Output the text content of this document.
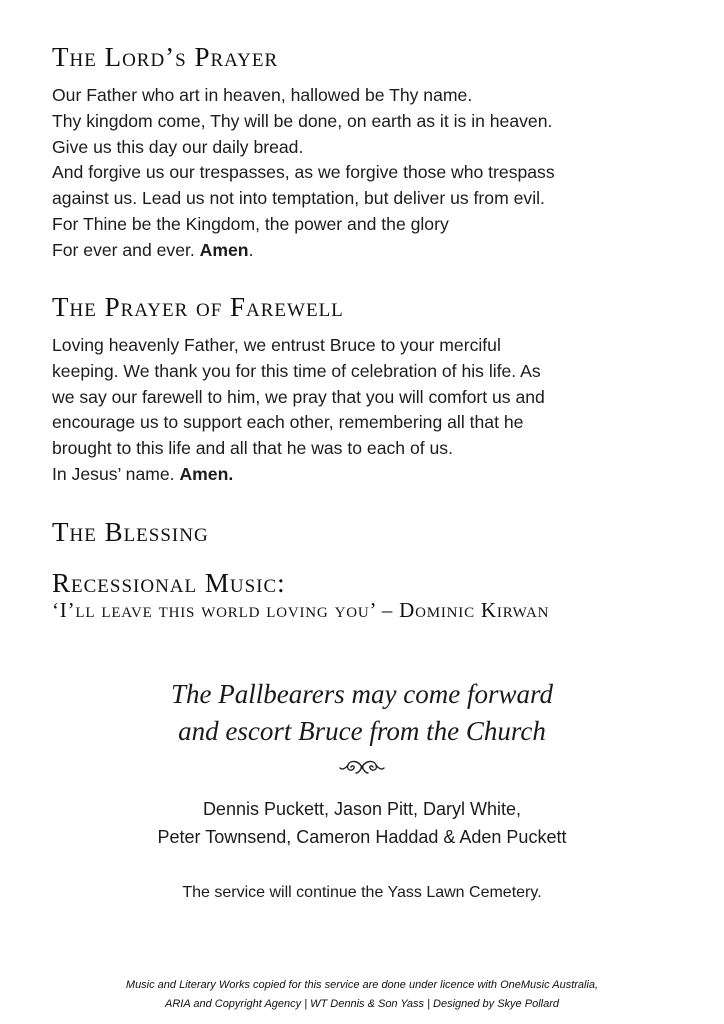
The Lord’s Prayer
Our Father who art in heaven, hallowed be Thy name.
Thy kingdom come, Thy will be done, on earth as it is in heaven.
Give us this day our daily bread.
And forgive us our trespasses, as we forgive those who trespass
against us. Lead us not into temptation, but deliver us from evil.
For Thine be the Kingdom, the power and the glory
For ever and ever. Amen.
The Prayer of Farewell
Loving heavenly Father, we entrust Bruce to your merciful
keeping. We thank you for this time of celebration of his life. As
we say our farewell to him, we pray that you will comfort us and
encourage us to support each other, remembering all that he
brought to this life and all that he was to each of us.
In Jesus’ name. Amen.
The Blessing
Recessional Music:
‘I’ll leave this world loving you’ – Dominic Kirwan
The Pallbearers may come forward
and escort Bruce from the Church
Dennis Puckett, Jason Pitt, Daryl White,
Peter Townsend, Cameron Haddad & Aden Puckett
The service will continue the Yass Lawn Cemetery.
Music and Literary Works copied for this service are done under licence with OneMusic Australia,
ARIA and Copyright Agency | WT Dennis & Son Yass | Designed by Skye Pollard
